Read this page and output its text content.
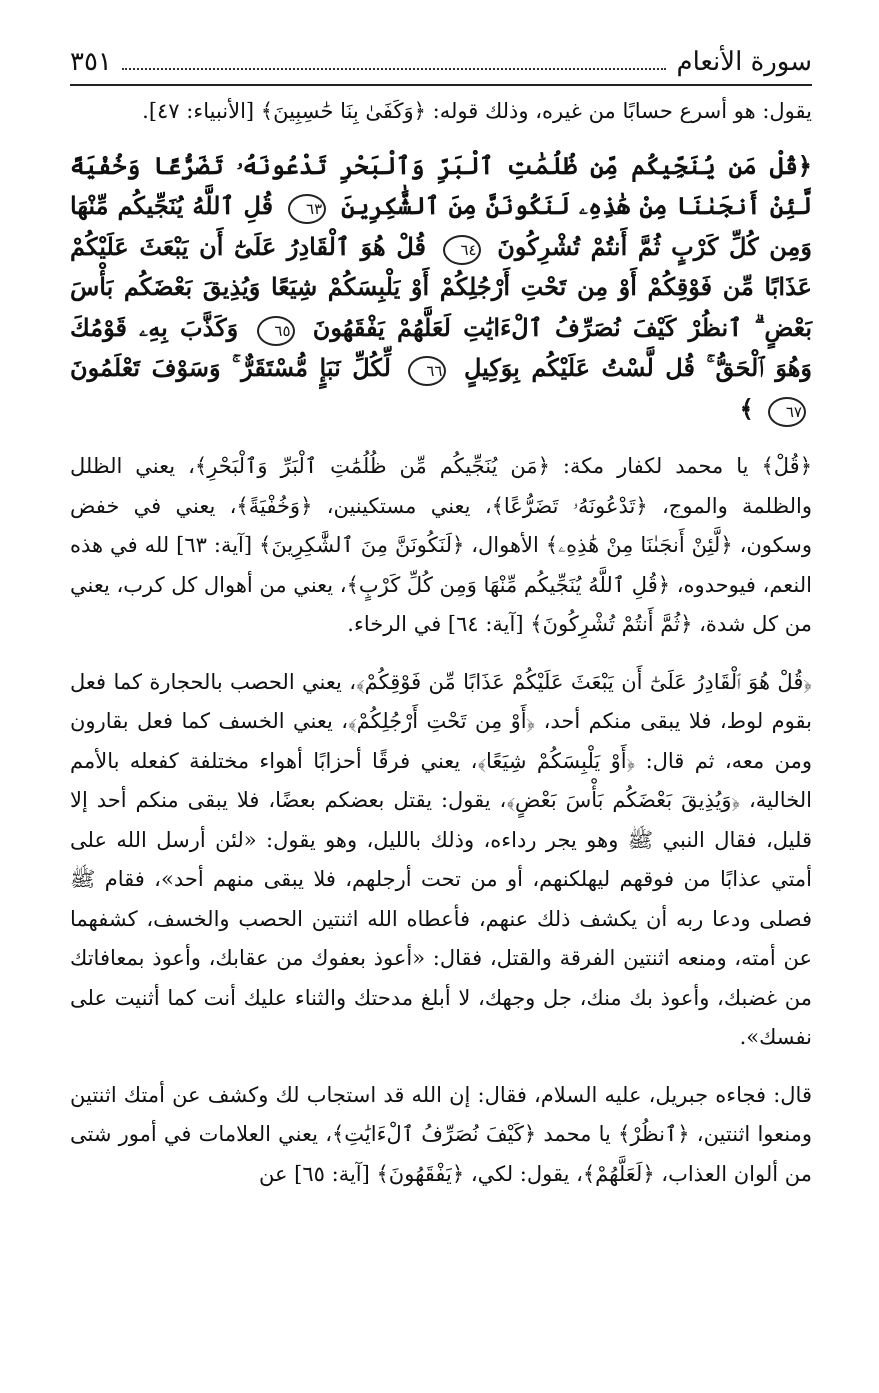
سورة الأنعام
٣٥١

يقول: هو أسرع حسابًا من غيره، وذلك قوله: ﴿وَكَفَىٰ بِنَا حَٰسِبِينَ﴾ [الأنبياء: ٤٧].

﴿قُلْ مَن يُنَجِّيكُم مِّن ظُلُمَٰتِ ٱلْبَرِّ وَٱلْبَحْرِ تَدْعُونَهُۥ تَضَرُّعًا وَخُفْيَةً لَّئِنْ أَنجَىٰنَا مِنْ هَٰذِهِۦ لَنَكُونَنَّ مِنَ ٱلشَّٰكِرِينَ ٦٣ قُلِ ٱللَّهُ يُنَجِّيكُم مِّنْهَا وَمِن كُلِّ كَرْبٍ ثُمَّ أَنتُمْ تُشْرِكُونَ ٦٤ قُلْ هُوَ ٱلْقَادِرُ عَلَىٰٓ أَن يَبْعَثَ عَلَيْكُمْ عَذَابًا مِّن فَوْقِكُمْ أَوْ مِن تَحْتِ أَرْجُلِكُمْ أَوْ يَلْبِسَكُمْ شِيَعًا وَيُذِيقَ بَعْضَكُم بَأْسَ بَعْضٍ ۗ ٱنظُرْ كَيْفَ نُصَرِّفُ ٱلْءَايَٰتِ لَعَلَّهُمْ يَفْقَهُونَ ٦٥ وَكَذَّبَ بِهِۦ قَوْمُكَ وَهُوَ ٱلْحَقُّ ۚ قُل لَّسْتُ عَلَيْكُم بِوَكِيلٍ ٦٦ لِّكُلِّ نَبَإٍ مُّسْتَقَرٌّ ۚ وَسَوْفَ تَعْلَمُونَ ٦٧ ﴾

﴿قُلْ﴾ يا محمد لكفار مكة: ﴿مَن يُنَجِّيكُم مِّن ظُلُمَٰتِ ٱلْبَرِّ وَٱلْبَحْرِ﴾، يعني الظلل والظلمة والموج، ﴿تَدْعُونَهُۥ تَضَرُّعًا﴾، يعني مستكينين، ﴿وَخُفْيَةً﴾، يعني في خفض وسكون، ﴿لَّئِنْ أَنجَىٰنَا مِنْ هَٰذِهِۦ﴾ الأهوال، ﴿لَنَكُونَنَّ مِنَ ٱلشَّٰكِرِينَ﴾ [آية: ٦٣] لله في هذه النعم، فيوحدوه، ﴿قُلِ ٱللَّهُ يُنَجِّيكُم مِّنْهَا وَمِن كُلِّ كَرْبٍ﴾، يعني من أهوال كل كرب، يعني من كل شدة، ﴿ثُمَّ أَنتُمْ تُشْرِكُونَ﴾ [آية: ٦٤] في الرخاء.

﴿قُلْ هُوَ ٱلْقَادِرُ عَلَىٰٓ أَن يَبْعَثَ عَلَيْكُمْ عَذَابًا مِّن فَوْقِكُمْ﴾، يعني الحصب بالحجارة كما فعل بقوم لوط، فلا يبقى منكم أحد، ﴿أَوْ مِن تَحْتِ أَرْجُلِكُمْ﴾، يعني الخسف كما فعل بقارون ومن معه، ثم قال: ﴿أَوْ يَلْبِسَكُمْ شِيَعًا﴾، يعني فرقًا أحزابًا أهواء مختلفة كفعله بالأمم الخالية، ﴿وَيُذِيقَ بَعْضَكُم بَأْسَ بَعْضٍ﴾، يقول: يقتل بعضكم بعضًا، فلا يبقى منكم أحد إلا قليل، فقال النبي ﷺ وهو يجر رداءه، وذلك بالليل، وهو يقول: «لئن أرسل الله على أمتي عذابًا من فوقهم ليهلكنهم، أو من تحت أرجلهم، فلا يبقى منهم أحد»، فقام ﷺ فصلى ودعا ربه أن يكشف ذلك عنهم، فأعطاه الله اثنتين الحصب والخسف، كشفهما عن أمته، ومنعه اثنتين الفرقة والقتل، فقال: «أعوذ بعفوك من عقابك، وأعوذ بمعافاتك من غضبك، وأعوذ بك منك، جل وجهك، لا أبلغ مدحتك والثناء عليك أنت كما أثنيت على نفسك».

قال: فجاءه جبريل، عليه السلام، فقال: إن الله قد استجاب لك وكشف عن أمتك اثنتين ومنعوا اثنتين، ﴿ٱنظُرْ﴾ يا محمد ﴿كَيْفَ نُصَرِّفُ ٱلْءَايَٰتِ﴾، يعني العلامات في أمور شتى من ألوان العذاب، ﴿لَعَلَّهُمْ﴾، يقول: لكي، ﴿يَفْقَهُونَ﴾ [آية: ٦٥] عن
